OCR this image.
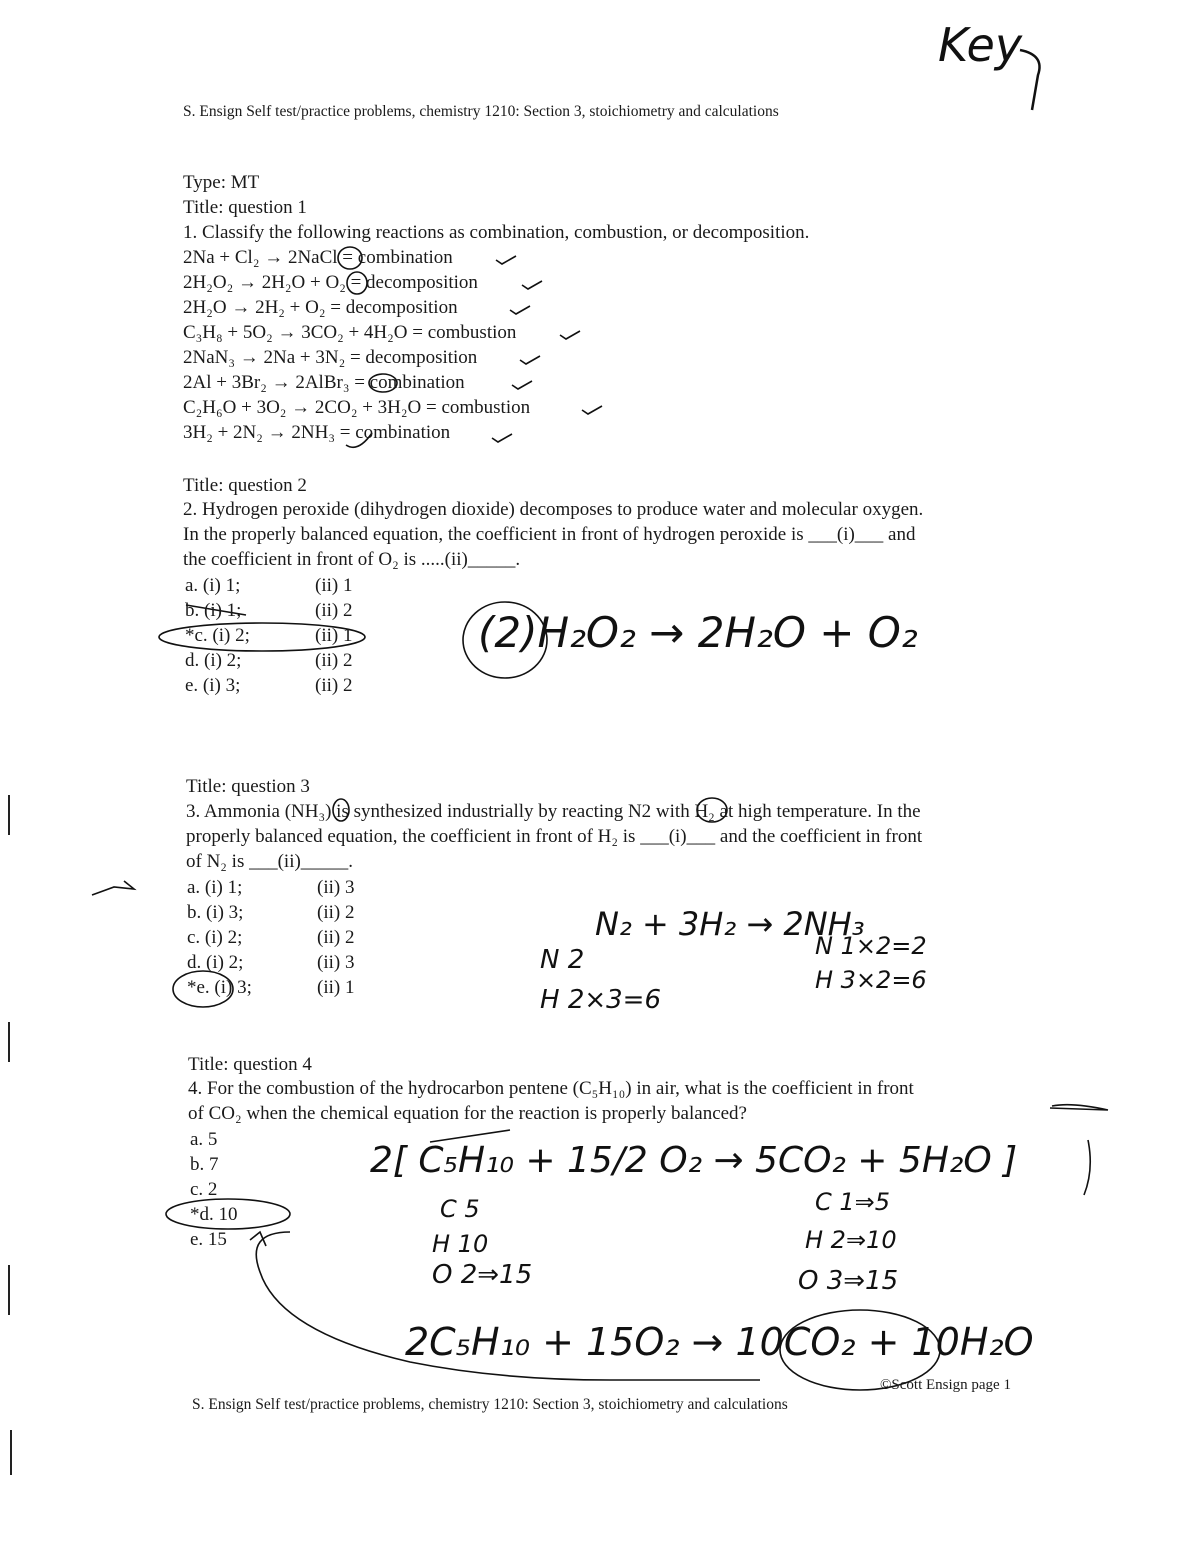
Key
S. Ensign Self test/practice problems, chemistry 1210: Section 3, stoichiometry and calculations
Type: MT
Title: question 1
1. Classify the following reactions as combination, combustion, or decomposition.
2Na + Cl₂ → 2NaCl = combination
2H₂O₂ → 2H₂O + O₂ = decomposition
2H₂O → 2H₂ + O₂ = decomposition
C₃H₈ + 5O₂ → 3CO₂ + 4H₂O = combustion
2NaN₃ → 2Na + 3N₂ = decomposition
2Al + 3Br₂ → 2AlBr₃ = combination
C₂H₆O + 3O₂ → 2CO₂ + 3H₂O = combustion
3H₂ + 2N₂ → 2NH₃ = combination
Title: question 2
2. Hydrogen peroxide (dihydrogen dioxide) decomposes to produce water and molecular oxygen.
In the properly balanced equation, the coefficient in front of hydrogen peroxide is ___(i)___ and
the coefficient in front of O₂ is .....(ii)_____.
a. (i) 1;	(ii) 1
b. (i) 1;	(ii) 2
*c. (i) 2;	(ii) 1
d. (i) 2;	(ii) 2
e. (i) 3;	(ii) 2
(2)H₂O₂ → 2H₂O + O₂
Title: question 3
3. Ammonia (NH₃) is synthesized industrially by reacting N2 with H₂ at high temperature. In the
properly balanced equation, the coefficient in front of H₂ is ___(i)___ and the coefficient in front
of N₂ is ___(ii)_____.
a. (i) 1;	(ii) 3
b. (i) 3;	(ii) 2
c. (i) 2;	(ii) 2
d. (i) 2;	(ii) 3
*e. (i) 3;	(ii) 1
N₂ + 3H₂ → 2NH₃
N 2
H 2×3=6
N 1×2=2
H 3×2=6
Title: question 4
4. For the combustion of the hydrocarbon pentene (C₅H₁₀) in air, what is the coefficient in front
of CO₂ when the chemical equation for the reaction is properly balanced?
a. 5
b. 7
c. 2
*d. 10
e. 15
2[ C₅H₁₀ + 15/2 O₂ → 5CO₂ + 5H₂O ]
C 5
H 10
O 2⇒15
C 1⇒5
H 2⇒10
O 3⇒15
2C₅H₁₀ + 15O₂ → 10CO₂ + 10H₂O
©Scott Ensign page 1
S. Ensign Self test/practice problems, chemistry 1210: Section 3, stoichiometry and calculations
